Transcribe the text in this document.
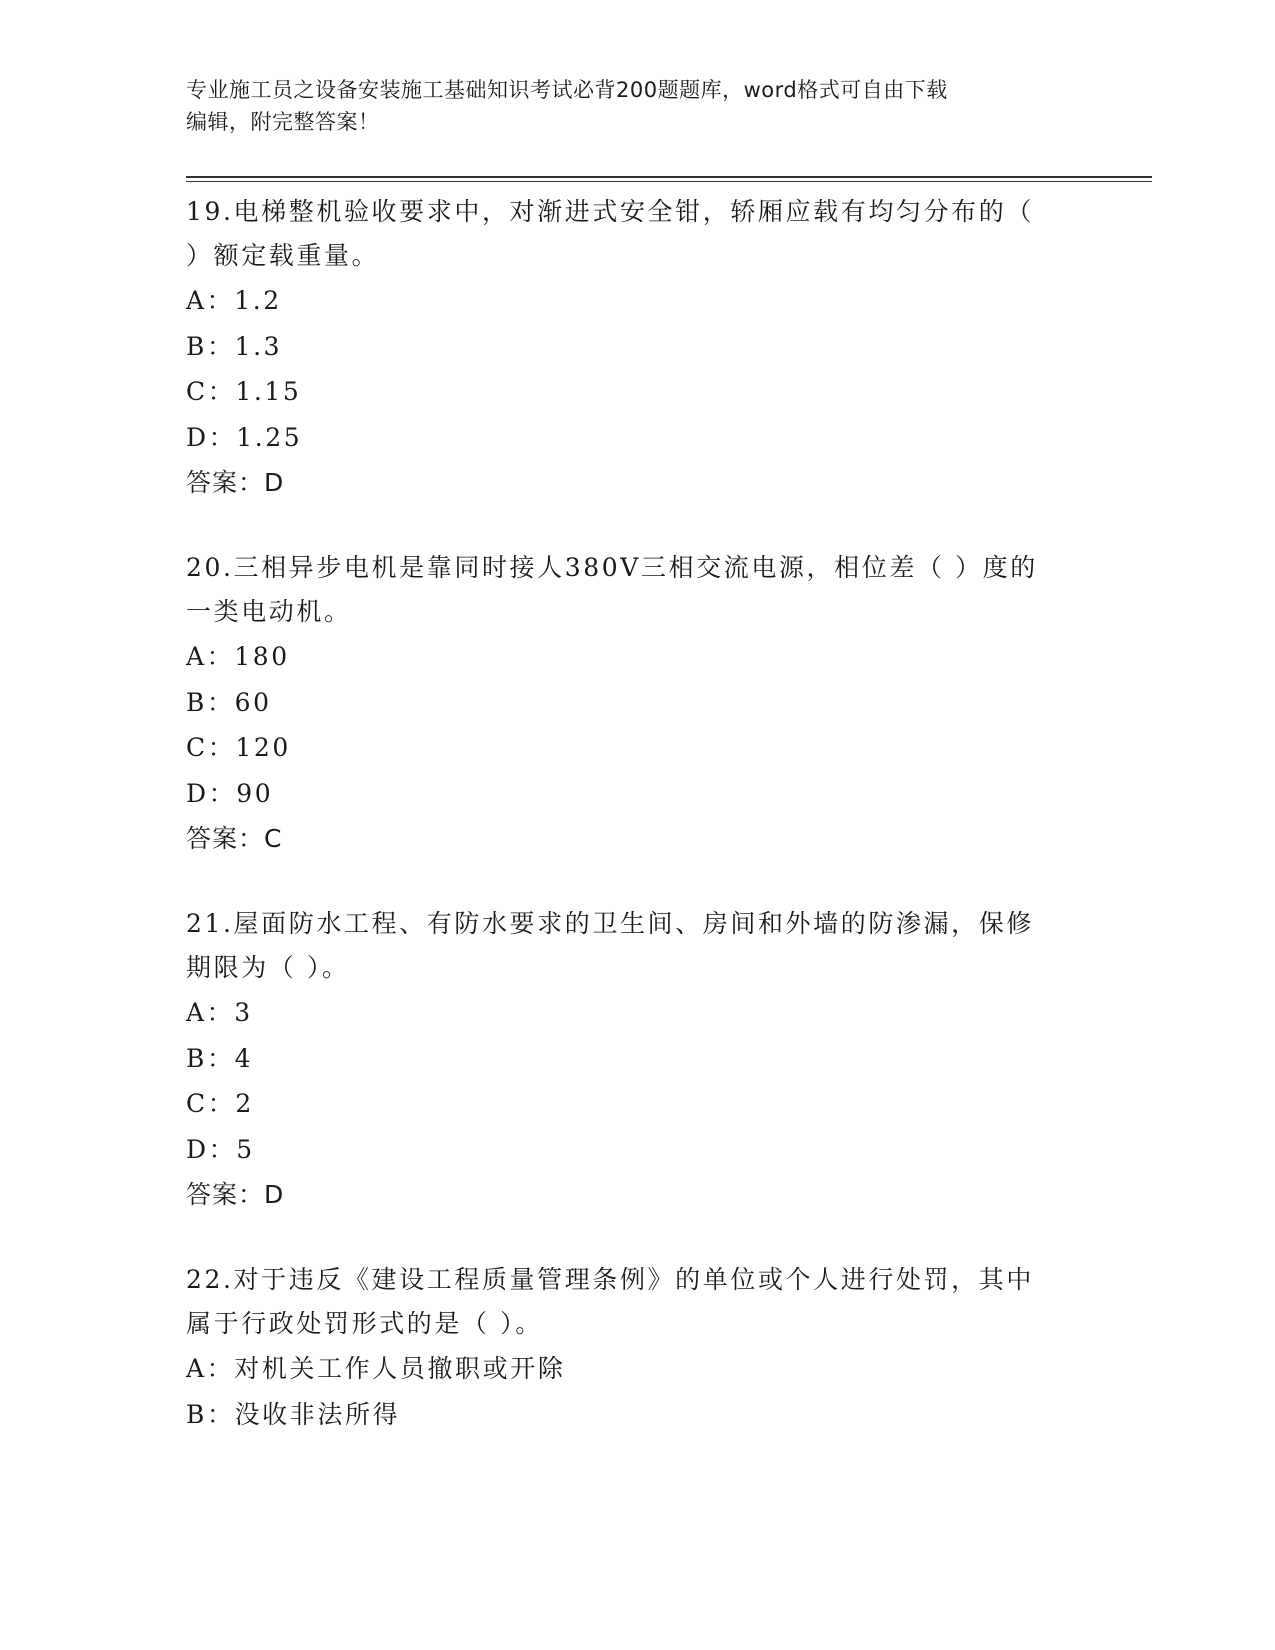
专业施工员之设备安装施工基础知识考试必背200题题库，word格式可自由下载
编辑，附完整答案！

19.电梯整机验收要求中，对渐进式安全钳，轿厢应载有均匀分布的（

）额定载重量。

A：1.2

B：1.3

C：1.15

D：1.25

答案：D

20.三相异步电机是靠同时接人380V三相交流电源，相位差（ ）度的

一类电动机。

A：180

B：60

C：120

D：90

答案：C

21.屋面防水工程、有防水要求的卫生间、房间和外墙的防渗漏，保修

期限为（ ）。

A：3

B：4

C：2

D：5

答案：D

22.对于违反《建设工程质量管理条例》的单位或个人进行处罚，其中

属于行政处罚形式的是（ ）。

A：对机关工作人员撤职或开除

B：没收非法所得
